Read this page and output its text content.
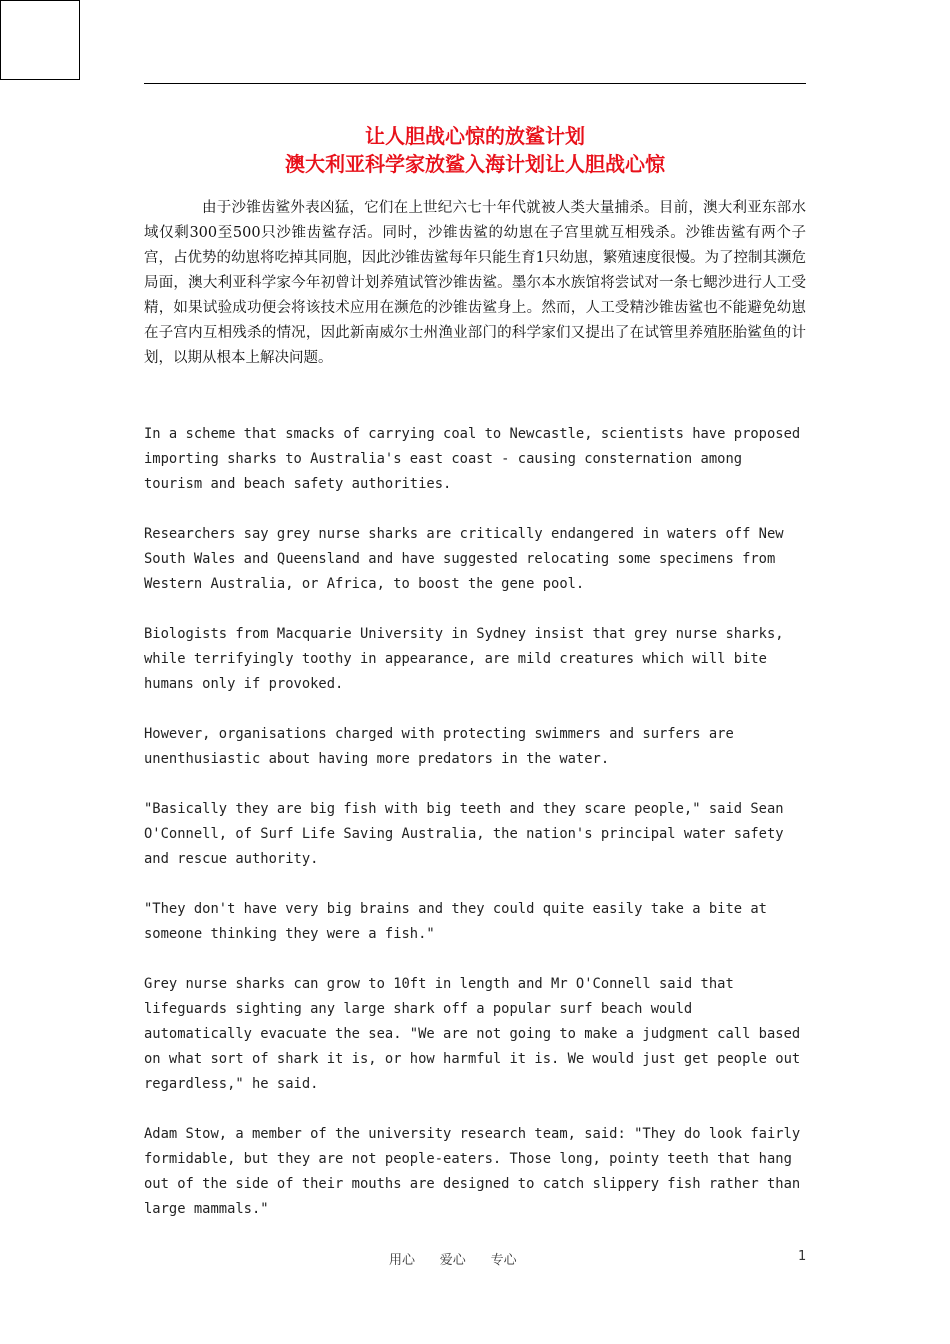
让人胆战心惊的放鲨计划
澳大利亚科学家放鲨入海计划让人胆战心惊

由于沙锥齿鲨外表凶猛，它们在上世纪六七十年代就被人类大量捕杀。目前，澳大利亚东部水域仅剩300至500只沙锥齿鲨存活。同时，沙锥齿鲨的幼崽在子宫里就互相残杀。沙锥齿鲨有两个子宫，占优势的幼崽将吃掉其同胞，因此沙锥齿鲨每年只能生育1只幼崽，繁殖速度很慢。为了控制其濒危局面，澳大利亚科学家今年初曾计划养殖试管沙锥齿鲨。墨尔本水族馆将尝试对一条七鳃沙进行人工受精，如果试验成功便会将该技术应用在濒危的沙锥齿鲨身上。然而，人工受精沙锥齿鲨也不能避免幼崽在子宫内互相残杀的情况，因此新南威尔士州渔业部门的科学家们又提出了在试管里养殖胚胎鲨鱼的计划，以期从根本上解决问题。

In a scheme that smacks of carrying coal to Newcastle, scientists have proposed
importing sharks to Australia's east coast - causing consternation among
tourism and beach safety authorities.

Researchers say grey nurse sharks are critically endangered in waters off New
South Wales and Queensland and have suggested relocating some specimens from
Western Australia, or Africa, to boost the gene pool.

Biologists from Macquarie University in Sydney insist that grey nurse sharks,
while terrifyingly toothy in appearance, are mild creatures which will bite
humans only if provoked.

However, organisations charged with protecting swimmers and surfers are
unenthusiastic about having more predators in the water.

"Basically they are big fish with big teeth and they scare people," said Sean
O'Connell, of Surf Life Saving Australia, the nation's principal water safety
and rescue authority.

"They don't have very big brains and they could quite easily take a bite at
someone thinking they were a fish."

Grey nurse sharks can grow to 10ft in length and Mr O'Connell said that
lifeguards sighting any large shark off a popular surf beach would
automatically evacuate the sea. "We are not going to make a judgment call based
on what sort of shark it is, or how harmful it is. We would just get people out
regardless," he said.

Adam Stow, a member of the university research team, said: "They do look fairly
formidable, but they are not people-eaters. Those long, pointy teeth that hang
out of the side of their mouths are designed to catch slippery fish rather than
large mammals."

用心      爱心      专心	1
